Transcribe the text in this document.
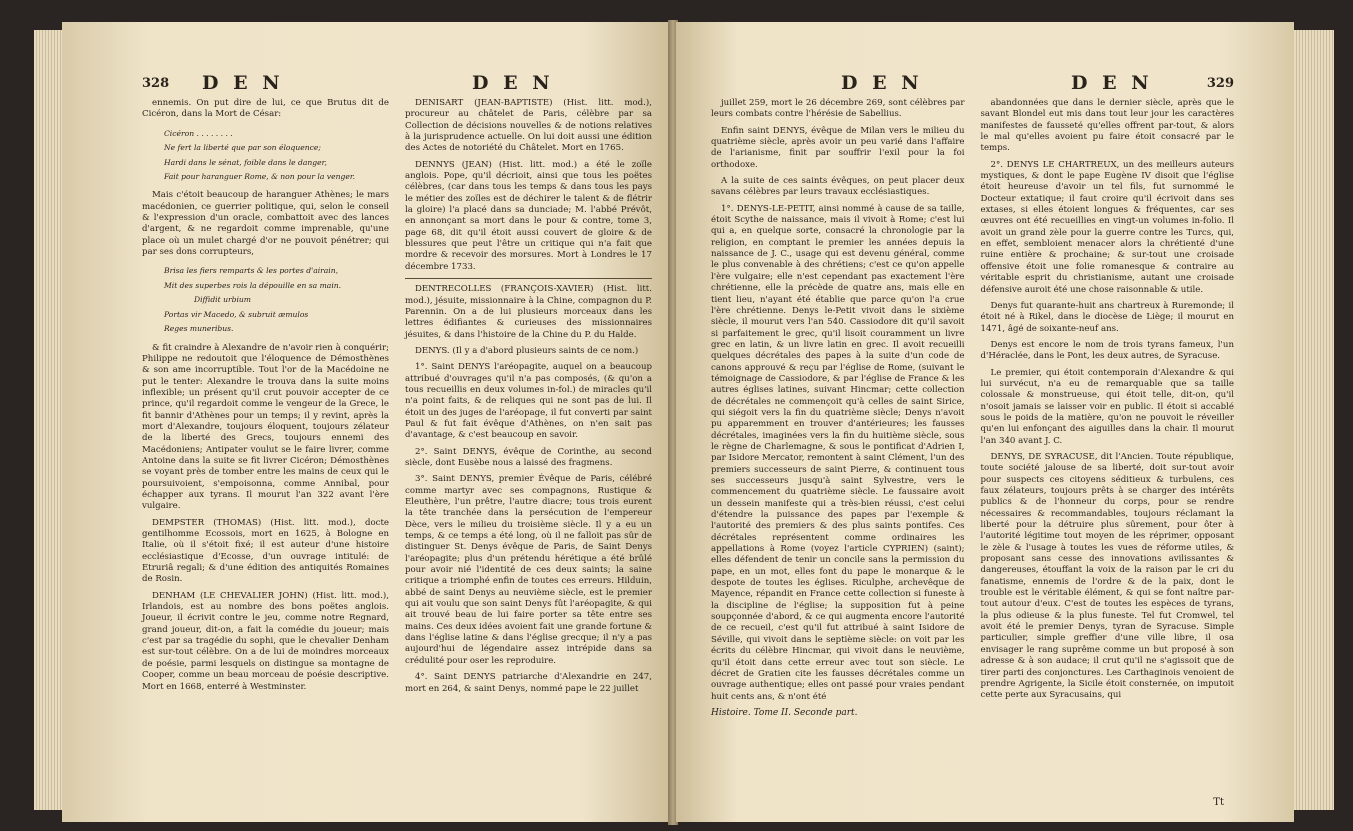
328 D E N	D E N

ennemis. On put dire de lui, ce que Brutus dit de Cicéron, dans la Mort de César:

Cicéron . . . . . . . .
Ne fert la liberté que par son éloquence;
Hardi dans le sénat, foible dans le danger,
Fait pour haranguer Rome, & non pour la venger.

Mais c'étoit beaucoup de haranguer Athènes; le mars macédonien, ce guerrier politique, qui, selon le conseil & l'expression d'un oracle, combattoit avec des lances d'argent, & ne regardoit comme imprenable, qu'une place où un mulet chargé d'or ne pouvoit pénétrer; qui par ses dons corrupteurs,

Brisa les fiers remparts & les portes d'airain,
Mit des superbes rois la dépouille en sa main.
Diffidit urbium
Portas vir Macedo, & subruit æmulos
Reges muneribus.

& fit craindre à Alexandre de n'avoir rien à conquérir; Philippe ne redoutoit que l'éloquence de Démosthènes & son ame incorruptible. Tout l'or de la Macédoine ne put le tenter: Alexandre le trouva dans la suite moins inflexible; un présent qu'il crut pouvoir accepter de ce prince, qu'il regardoit comme le vengeur de la Grece, le fit bannir d'Athènes pour un temps; il y revint, après la mort d'Alexandre, toujours éloquent, toujours zélateur de la liberté des Grecs, toujours ennemi des Macédoniens; Antipater voulut se le faire livrer, comme Antoine dans la suite se fit livrer Cicéron; Démosthènes se voyant près de tomber entre les mains de ceux qui le poursuivoient, s'empoisonna, comme Annibal, pour échapper aux tyrans. Il mourut l'an 322 avant l'ère vulgaire.

DEMPSTER (THOMAS) (Hist. litt. mod.), docte gentilhomme Ecossois, mort en 1625, à Bologne en Italie, où il s'étoit fixé; il est auteur d'une histoire ecclésiastique d'Ecosse, d'un ouvrage intitulé: de Etruriâ regali; & d'une édition des antiquités Romaines de Rosin.

DENHAM (LE CHEVALIER JOHN) (Hist. litt. mod.), Irlandois, est au nombre des bons poëtes anglois. Joueur, il écrivit contre le jeu, comme notre Regnard, grand joueur, dit-on, a fait la comédie du joueur; mais c'est par sa tragédie du sophi, que le chevalier Denham est sur-tout célèbre. On a de lui de moindres morceaux de poésie, parmi lesquels on distingue sa montagne de Cooper, comme un beau morceau de poésie descriptive. Mort en 1668, enterré à Westminster.

DENISART (JEAN-BAPTISTE) (Hist. litt. mod.), procureur au châtelet de Paris, célèbre par sa Collection de décisions nouvelles & de notions relatives à la jurisprudence actuelle. On lui doit aussi une édition des Actes de notoriété du Châtelet. Mort en 1765.

DENNYS (JEAN) (Hist. litt. mod.) a été le zoïle anglois. Pope, qu'il décrioit, ainsi que tous les poëtes célèbres, (car dans tous les temps & dans tous les pays le métier des zoïles est de déchirer le talent & de flétrir la gloire) l'a placé dans sa dunciade; M. l'abbé Prévôt, en annonçant sa mort dans le pour & contre, tome 3, page 68, dit qu'il étoit aussi couvert de gloire & de blessures que peut l'être un critique qui n'a fait que mordre & recevoir des morsures. Mort à Londres le 17 décembre 1733.

DENTRECOLLES (FRANÇOIS-XAVIER) (Hist. litt. mod.), jésuite, missionnaire à la Chine, compagnon du P. Parennin. On a de lui plusieurs morceaux dans les lettres édifiantes & curieuses des missionnaires jésuites, & dans l'histoire de la Chine du P. du Halde.

DENYS. (Il y a d'abord plusieurs saints de ce nom.)

1°. Saint DENYS l'aréopagite, auquel on a beaucoup attribué d'ouvrages qu'il n'a pas composés, (& qu'on a tous recueillis en deux volumes in-fol.) de miracles qu'il n'a point faits, & de reliques qui ne sont pas de lui. Il étoit un des juges de l'aréopage, il fut converti par saint Paul & fut fait évêque d'Athènes, on n'en sait pas d'avantage, & c'est beaucoup en savoir.

2°. Saint DENYS, évêque de Corinthe, au second siècle, dont Eusèbe nous a laissé des fragmens.

3°. Saint DENYS, premier Évêque de Paris, célébré comme martyr avec ses compagnons, Rustique & Eleuthère, l'un prêtre, l'autre diacre; tous trois eurent la tête tranchée dans la persécution de l'empereur Dèce, vers le milieu du troisième siècle. Il y a eu un temps, & ce temps a été long, où il ne falloit pas sûr de distinguer St. Denys évêque de Paris, de Saint Denys l'aréopagite; plus d'un prétendu hérétique a été brûlé pour avoir nié l'identité de ces deux saints; la saine critique a triomphé enfin de toutes ces erreurs. Hilduin, abbé de saint Denys au neuvième siècle, est le premier qui ait voulu que son saint Denys fût l'aréopagite, & qui ait trouvé beau de lui faire porter sa tête entre ses mains. Ces deux idées avoient fait une grande fortune & dans l'église latine & dans l'église grecque; il n'y a pas aujourd'hui de légendaire assez intrépide dans sa crédulité pour oser les reproduire.

4°. Saint DENYS patriarche d'Alexandrie en 247, mort en 264, & saint Denys, nommé pape le 22 juillet

D E N	D E N	329

juillet 259, mort le 26 décembre 269, sont célèbres par leurs combats contre l'hérésie de Sabellius.

Enfin saint DENYS, évêque de Milan vers le milieu du quatrième siècle, après avoir un peu varié dans l'affaire de l'arianisme, finit par souffrir l'exil pour la foi orthodoxe.

A la suite de ces saints évêques, on peut placer deux savans célèbres par leurs travaux ecclésiastiques.

1°. DENYS-LE-PETIT, ainsi nommé à cause de sa taille, étoit Scythe de naissance, mais il vivoit à Rome; c'est lui qui a, en quelque sorte, consacré la chronologie par la religion, en comptant le premier les années depuis la naissance de J. C., usage qui est devenu général, comme le plus convenable à des chrétiens; c'est ce qu'on appelle l'ère vulgaire; elle n'est cependant pas exactement l'ère chrétienne, elle la précède de quatre ans, mais elle en tient lieu, n'ayant été établie que parce qu'on l'a crue l'ère chrétienne. Denys le-Petit vivoit dans le sixième siècle, il mourut vers l'an 540. Cassiodore dit qu'il savoit si parfaitement le grec, qu'il lisoit couramment un livre grec en latin, & un livre latin en grec. Il avoit recueilli quelques décrétales des papes à la suite d'un code de canons approuvé & reçu par l'église de Rome, (suivant le témoignage de Cassiodore, & par l'église de France & les autres églises latines, suivant Hincmar; cette collection de décrétales ne commençoit qu'à celles de saint Sirice, qui siégoit vers la fin du quatrième siècle; Denys n'avoit pu apparemment en trouver d'antérieures; les fausses décrétales, imaginées vers la fin du huitième siècle, sous le règne de Charlemagne, & sous le pontificat d'Adrien I, par Isidore Mercator, remontent à saint Clément, l'un des premiers successeurs de saint Pierre, & continuent tous ses successeurs jusqu'à saint Sylvestre, vers le commencement du quatrième siècle. Le faussaire avoit un dessein manifeste qui a très-bien réussi, c'est celui d'étendre la puissance des papes par l'exemple & l'autorité des premiers & des plus saints pontifes. Ces décrétales représentent comme ordinaires les appellations à Rome (voyez l'article CYPRIEN) (saint); elles défendent de tenir un concile sans la permission du pape, en un mot, elles font du pape le monarque & le despote de toutes les églises. Riculphe, archevêque de Mayence, répandit en France cette collection si funeste à la discipline de l'église; la supposition fut à peine soupçonnée d'abord, & ce qui augmenta encore l'autorité de ce recueil, c'est qu'il fut attribué à saint Isidore de Séville, qui vivoit dans le septième siècle: on voit par les écrits du célèbre Hincmar, qui vivoit dans le neuvième, qu'il étoit dans cette erreur avec tout son siècle. Le décret de Gratien cite les fausses décrétales comme un ouvrage authentique; elles ont passé pour vraies pendant huit cents ans, & n'ont été

Histoire. Tome II. Seconde part.

abandonnées que dans le dernier siècle, après que le savant Blondel eut mis dans tout leur jour les caractères manifestes de fausseté qu'elles offrent par-tout, & alors le mal qu'elles avoient pu faire étoit consacré par le temps.

2°. DENYS LE CHARTREUX, un des meilleurs auteurs mystiques, & dont le pape Eugène IV disoit que l'église étoit heureuse d'avoir un tel fils, fut surnommé le Docteur extatique; il faut croire qu'il écrivoit dans ses extases, si elles étoient longues & fréquentes, car ses œuvres ont été recueillies en vingt-un volumes in-folio. Il avoit un grand zèle pour la guerre contre les Turcs, qui, en effet, sembloient menacer alors la chrétienté d'une ruine entière & prochaine; & sur-tout une croisade offensive étoit une folie romanesque & contraire au véritable esprit du christianisme, autant une croisade défensive auroit été une chose raisonnable & utile.

Denys fut quarante-huit ans chartreux à Ruremonde; il étoit né à Rikel, dans le diocèse de Liège; il mourut en 1471, âgé de soixante-neuf ans.

Denys est encore le nom de trois tyrans fameux, l'un d'Héraclée, dans le Pont, les deux autres, de Syracuse.

Le premier, qui étoit contemporain d'Alexandre & qui lui survécut, n'a eu de remarquable que sa taille colossale & monstrueuse, qui étoit telle, dit-on, qu'il n'osoit jamais se laisser voir en public. Il étoit si accablé sous le poids de la matière, qu'on ne pouvoit le réveiller qu'en lui enfonçant des aiguilles dans la chair. Il mourut l'an 340 avant J. C.

DENYS, DE SYRACUSE, dit l'Ancien. Toute république, toute société jalouse de sa liberté, doit sur-tout avoir pour suspects ces citoyens séditieux & turbulens, ces faux zélateurs, toujours prêts à se charger des intérêts publics & de l'honneur du corps, pour se rendre nécessaires & recommandables, toujours réclamant la liberté pour la détruire plus sûrement, pour ôter à l'autorité légitime tout moyen de les réprimer, opposant le zèle & l'usage à toutes les vues de réforme utiles, & proposant sans cesse des innovations avilissantes & dangereuses, étouffant la voix de la raison par le cri du fanatisme, ennemis de l'ordre & de la paix, dont le trouble est le véritable élément, & qui se font naître par-tout autour d'eux. C'est de toutes les espèces de tyrans, la plus odieuse & la plus funeste. Tel fut Cromwel, tel avoit été le premier Denys, tyran de Syracuse. Simple particulier, simple greffier d'une ville libre, il osa envisager le rang suprême comme un but proposé à son adresse & à son audace; il crut qu'il ne s'agissoit que de tirer parti des conjonctures. Les Carthaginois venoient de prendre Agrigente, la Sicile étoit consternée, on imputoit cette perte aux Syracusains, qui

Tt
